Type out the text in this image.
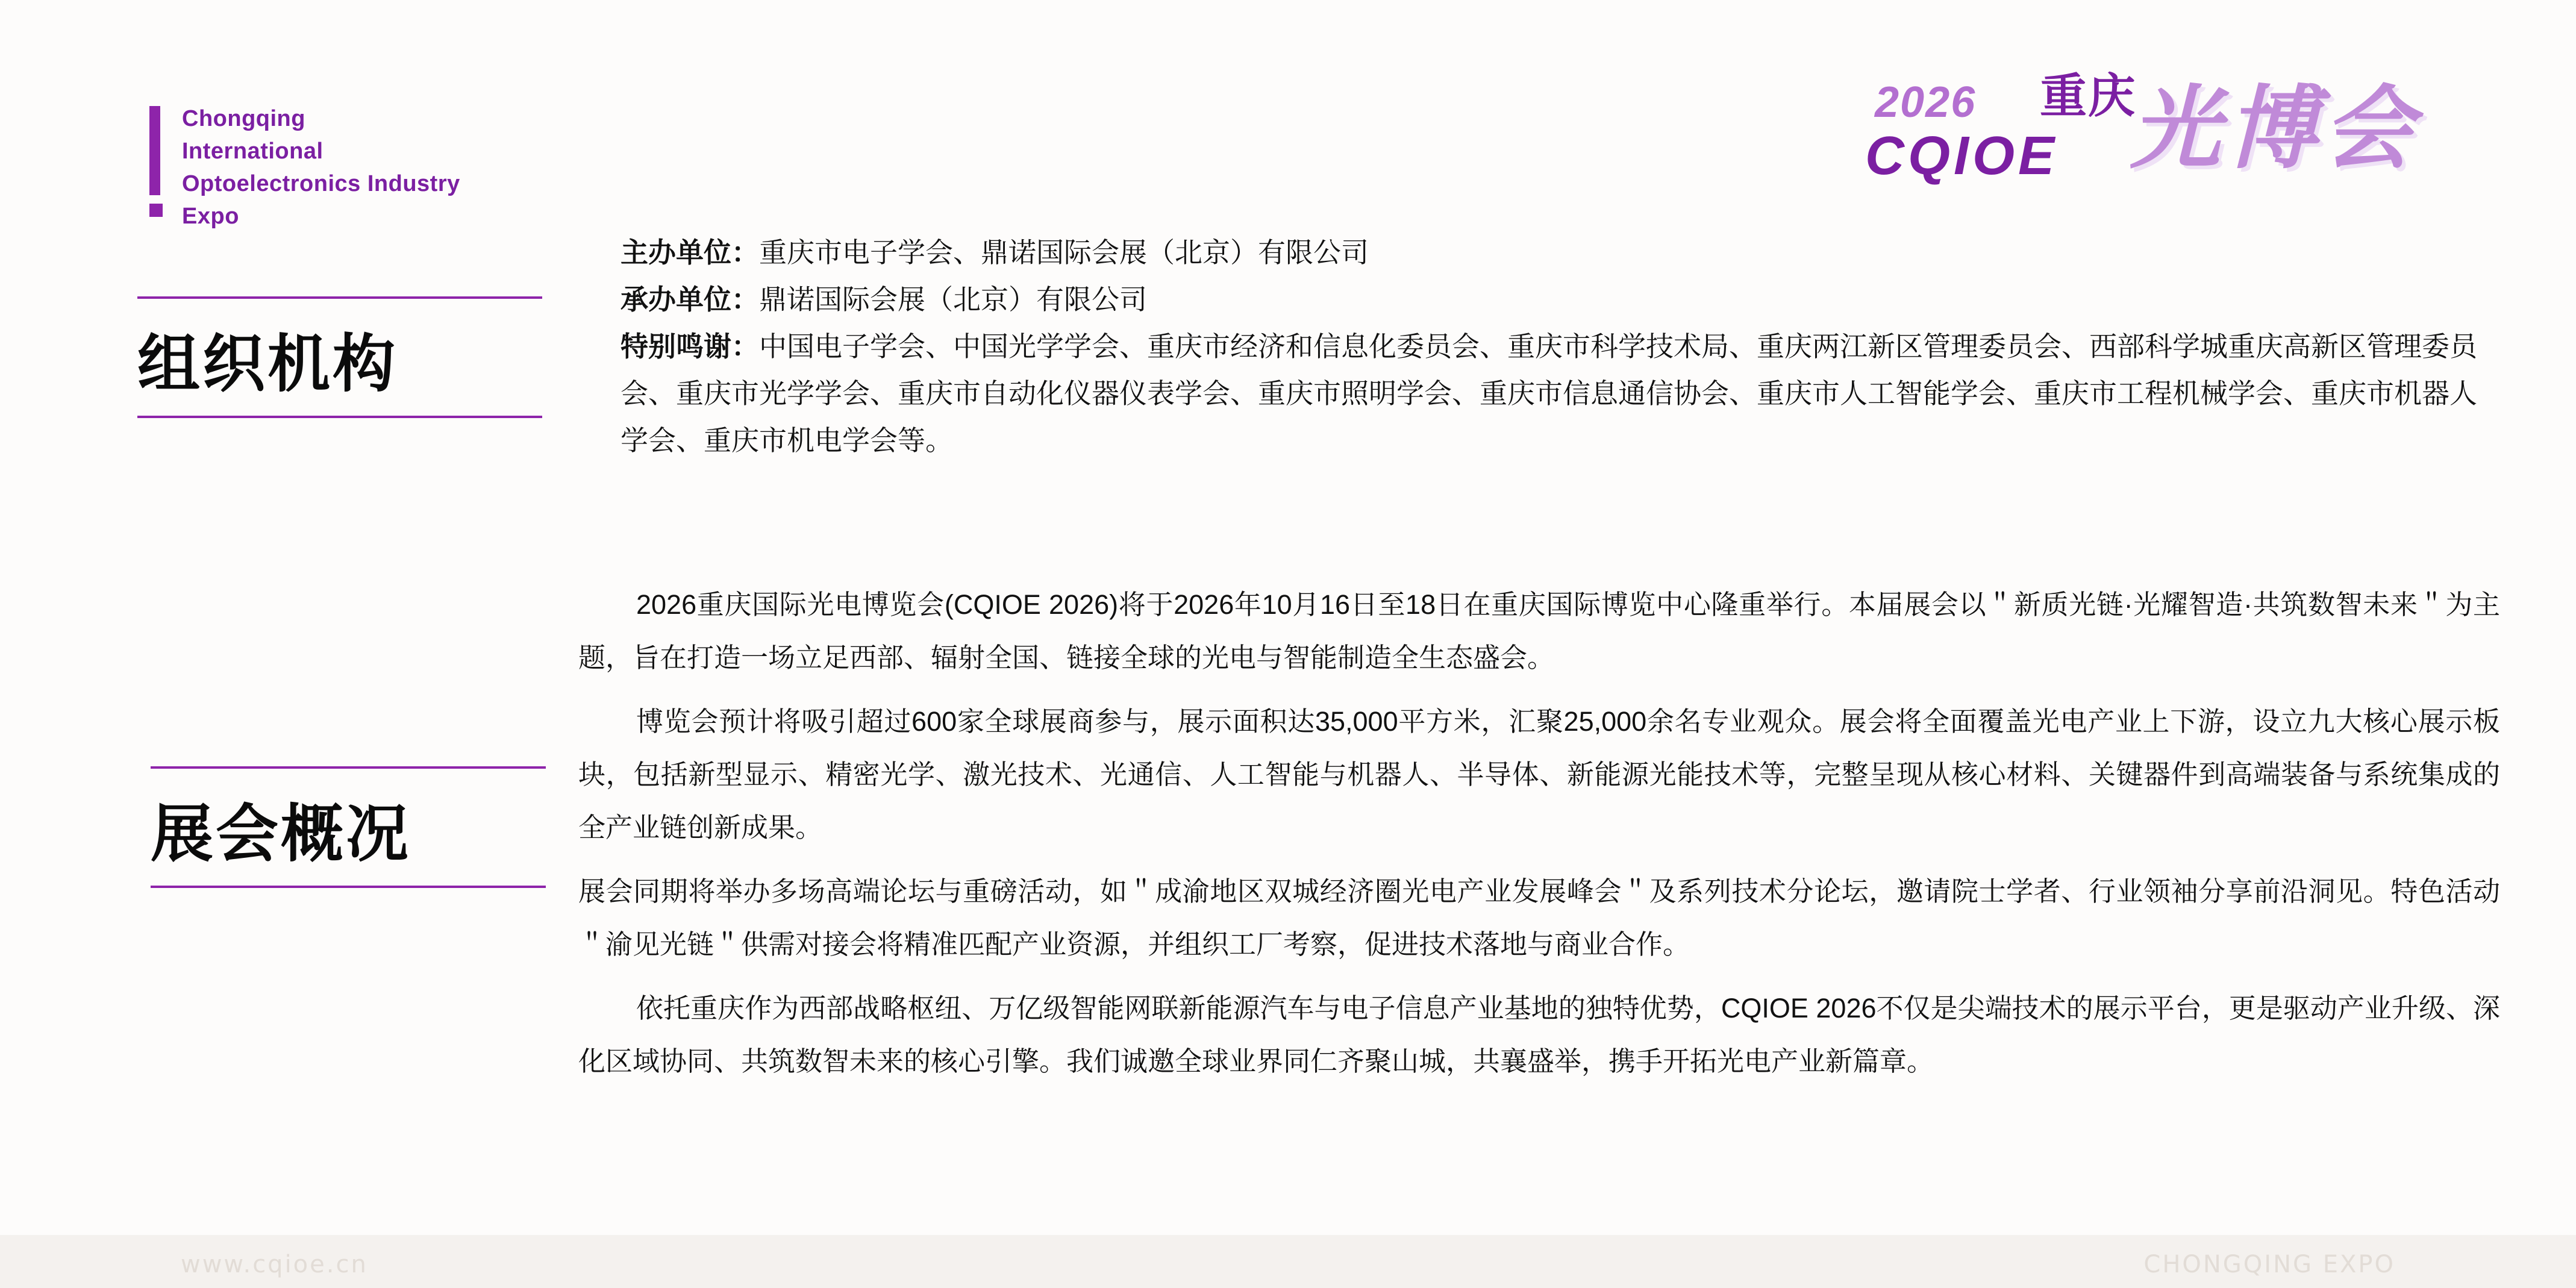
Chongqing
International
Optoelectronics Industry
Expo
2026 重庆
CQIOE 光博会
组织机构
主办单位：重庆市电子学会、鼎诺国际会展（北京）有限公司
承办单位：鼎诺国际会展（北京）有限公司
特别鸣谢：中国电子学会、中国光学学会、重庆市经济和信息化委员会、重庆市科学技术局、重庆两江新区管理委员会、西部科学城重庆高新区管理委员会、重庆市光学学会、重庆市自动化仪器仪表学会、重庆市照明学会、重庆市信息通信协会、重庆市人工智能学会、重庆市工程机械学会、重庆市机器人学会、重庆市机电学会等。
展会概况

2026重庆国际光电博览会(CQIOE 2026)将于2026年10月16日至18日在重庆国际博览中心隆重举行。本届展会以＂新质光链·光耀智造·共筑数智未来＂为主题，旨在打造一场立足西部、辐射全国、链接全球的光电与智能制造全生态盛会。

博览会预计将吸引超过600家全球展商参与，展示面积达35,000平方米，汇聚25,000余名专业观众。展会将全面覆盖光电产业上下游，设立九大核心展示板块，包括新型显示、精密光学、激光技术、光通信、人工智能与机器人、半导体、新能源光能技术等，完整呈现从核心材料、关键器件到高端装备与系统集成的全产业链创新成果。

展会同期将举办多场高端论坛与重磅活动，如＂成渝地区双城经济圈光电产业发展峰会＂及系列技术分论坛，邀请院士学者、行业领袖分享前沿洞见。特色活动＂渝见光链＂供需对接会将精准匹配产业资源，并组织工厂考察，促进技术落地与商业合作。

依托重庆作为西部战略枢纽、万亿级智能网联新能源汽车与电子信息产业基地的独特优势，CQIOE 2026不仅是尖端技术的展示平台，更是驱动产业升级、深化区域协同、共筑数智未来的核心引擎。我们诚邀全球业界同仁齐聚山城，共襄盛举，携手开拓光电产业新篇章。

www.cqioe.cn	CHONGQING EXPO
